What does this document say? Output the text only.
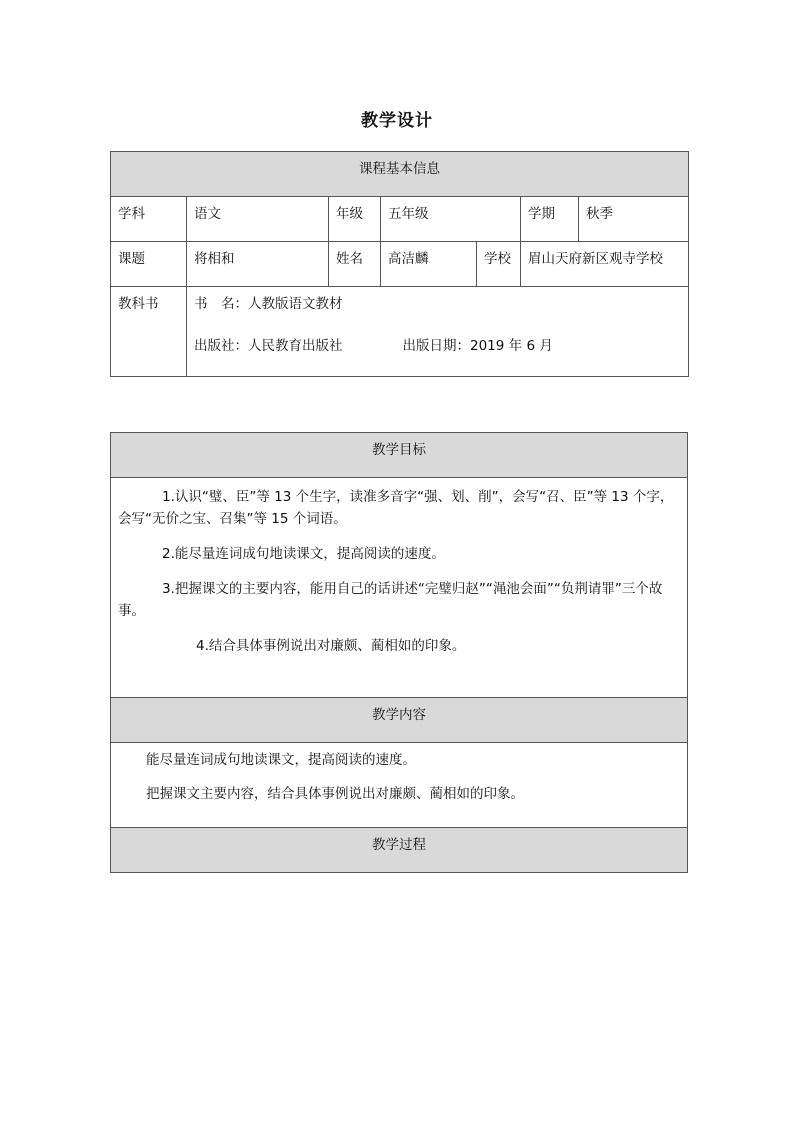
教学设计
课程基本信息						

学科	语文	年级	五年级		学期	秋季

课题	将相和	姓名	高洁麟	学校	眉山天府新区观寺学校	

教科书	书　名：人教版语文教材

出版社：人民教育出版社 出版日期：2019 年 6 月					

教学目标

1.认识“璧、臣”等 13 个生字，读准多音字“强、划、削”，会写“召、臣”等 13 个字，会写“无价之宝、召集”等 15 个词语。

2.能尽量连词成句地读课文，提高阅读的速度。

3.把握课文的主要内容，能用自己的话讲述“完璧归赵”“渑池会面”“负荆请罪”三个故事。

4.结合具体事例说出对廉颇、蔺相如的印象。

教学内容

能尽量连词成句地读课文，提高阅读的速度。

把握课文主要内容，结合具体事例说出对廉颇、蔺相如的印象。

教学过程
